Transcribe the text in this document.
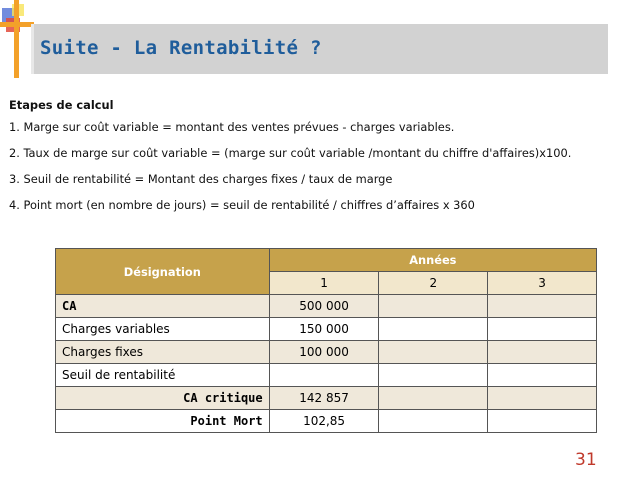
Suite - La Rentabilité ?
Etapes de calcul
1. Marge sur coût variable = montant des ventes prévues - charges variables.
2. Taux de marge sur coût variable = (marge sur coût variable /montant du chiffre d'affaires)x100.
3. Seuil de rentabilité = Montant des charges fixes / taux de marge
4. Point mort (en nombre de jours) = seuil de rentabilité / chiffres d’affaires x 360
Désignation	Années		
	1	2	3
CA	500 000		
Charges variables	150 000		
Charges fixes	100 000		
Seuil de rentabilité			
CA critique	142 857		
Point Mort	102,85		
31
